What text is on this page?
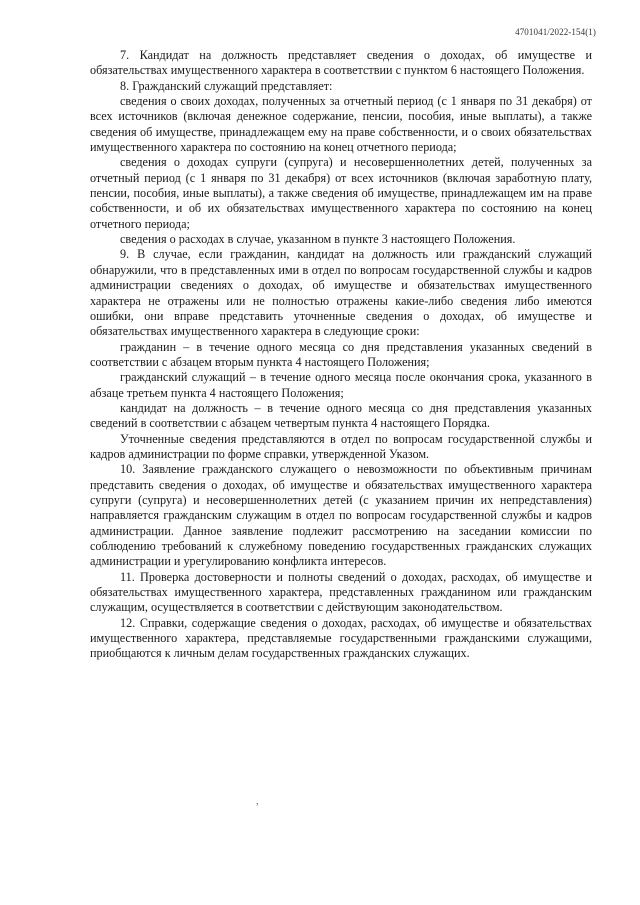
4701041/2022-154(1)

7. Кандидат на должность представляет сведения о доходах, об имуществе и обязательствах имущественного характера в соответствии с пунктом 6 настоящего Положения.

8. Гражданский служащий представляет:

сведения о своих доходах, полученных за отчетный период (с 1 января по 31 декабря) от всех источников (включая денежное содержание, пенсии, пособия, иные выплаты), а также сведения об имуществе, принадлежащем ему на праве собственности, и о своих обязательствах имущественного характера по состоянию на конец отчетного периода;

сведения о доходах супруги (супруга) и несовершеннолетних детей, полученных за отчетный период (с 1 января по 31 декабря) от всех источников (включая заработную плату, пенсии, пособия, иные выплаты), а также сведения об имуществе, принадлежащем им на праве собственности, и об их обязательствах имущественного характера по состоянию на конец отчетного периода;

сведения о расходах в случае, указанном в пункте 3 настоящего Положения.

9. В случае, если гражданин, кандидат на должность или гражданский служащий обнаружили, что в представленных ими в отдел по вопросам государственной службы и кадров администрации сведениях о доходах, об имуществе и обязательствах имущественного характера не отражены или не полностью отражены какие-либо сведения либо имеются ошибки, они вправе представить уточненные сведения о доходах, об имуществе и обязательствах имущественного характера в следующие сроки:

гражданин – в течение одного месяца со дня представления указанных сведений в соответствии с абзацем вторым пункта 4 настоящего Положения;

гражданский служащий – в течение одного месяца после окончания срока, указанного в абзаце третьем пункта 4 настоящего Положения;

кандидат на должность – в течение одного месяца со дня представления указанных сведений в соответствии с абзацем четвертым пункта 4 настоящего Порядка.

Уточненные сведения представляются в отдел по вопросам государственной службы и кадров администрации по форме справки, утвержденной Указом.

10. Заявление гражданского служащего о невозможности по объективным причинам представить сведения о доходах, об имуществе и обязательствах имущественного характера супруги (супруга) и несовершеннолетних детей (с указанием причин их непредставления) направляется гражданским служащим в отдел по вопросам государственной службы и кадров администрации. Данное заявление подлежит рассмотрению на заседании комиссии по соблюдению требований к служебному поведению государственных гражданских служащих администрации и урегулированию конфликта интересов.

11. Проверка достоверности и полноты сведений о доходах, расходах, об имуществе и обязательствах имущественного характера, представленных гражданином или гражданским служащим, осуществляется в соответствии с действующим законодательством.

12. Справки, содержащие сведения о доходах, расходах, об имуществе и обязательствах имущественного характера, представляемые государственными гражданскими служащими, приобщаются к личным делам государственных гражданских служащих.

,
